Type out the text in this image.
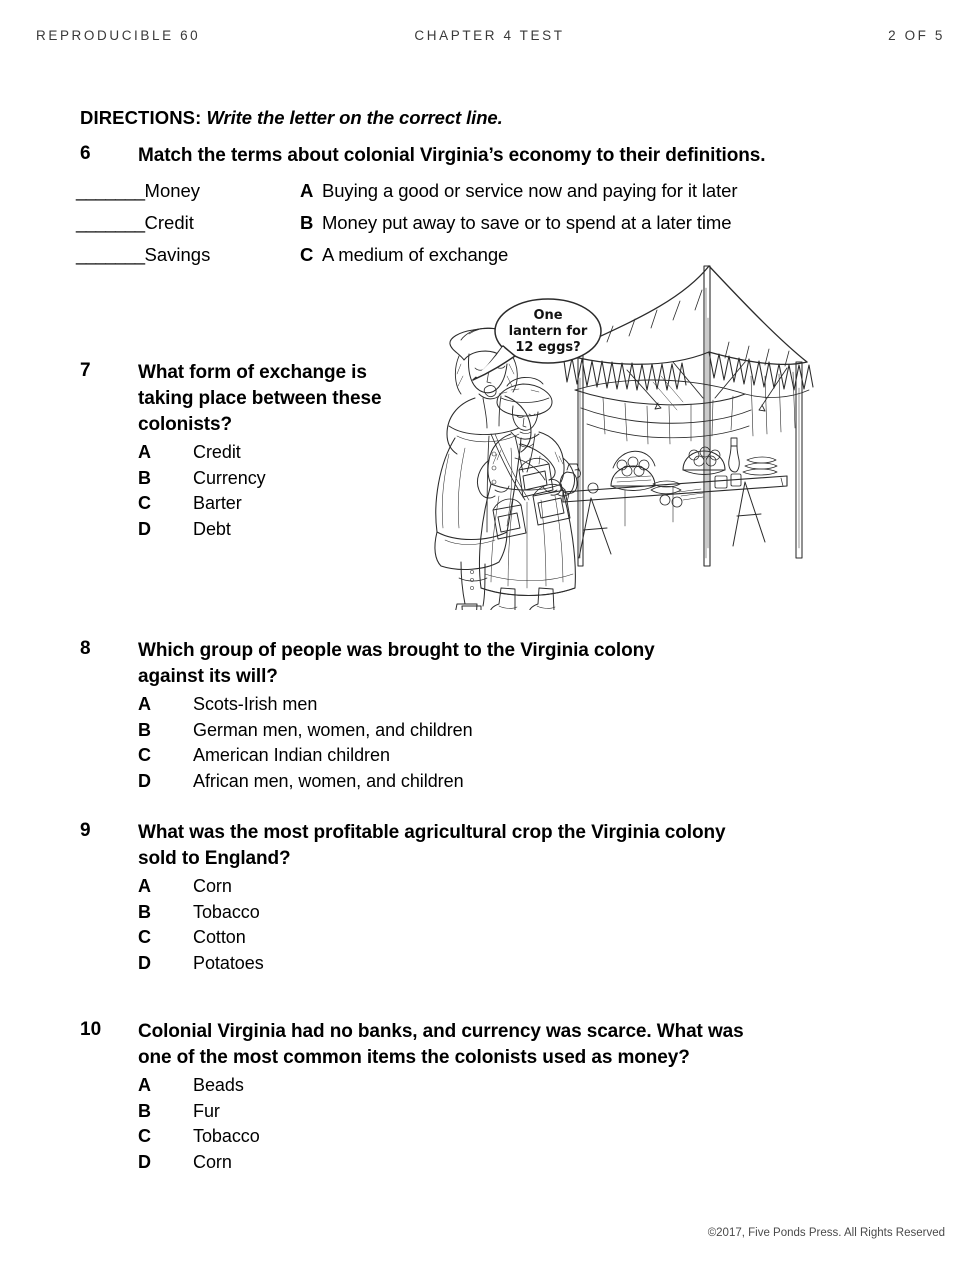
REPRODUCIBLE 60	CHAPTER 4 TEST	2 OF 5
DIRECTIONS: Write the letter on the correct line.
6 Match the terms about colonial Virginia’s economy to their definitions.
_______Money
_______Credit
_______Savings
A Buying a good or service now and paying for it later
B Money put away to save or to spend at a later time
C A medium of exchange
One
lantern for
12 eggs?
7 What form of exchange is
taking place between these
colonists?
A Credit
B Currency
C Barter
D Debt
8 Which group of people was brought to the Virginia colony
against its will?
A Scots-Irish men
B German men, women, and children
C American Indian children
D African men, women, and children
9 What was the most profitable agricultural crop the Virginia colony
sold to England?
A Corn
B Tobacco
C Cotton
D Potatoes
10 Colonial Virginia had no banks, and currency was scarce. What was
one of the most common items the colonists used as money?
A Beads
B Fur
C Tobacco
D Corn
©2017, Five Ponds Press. All Rights Reserved
